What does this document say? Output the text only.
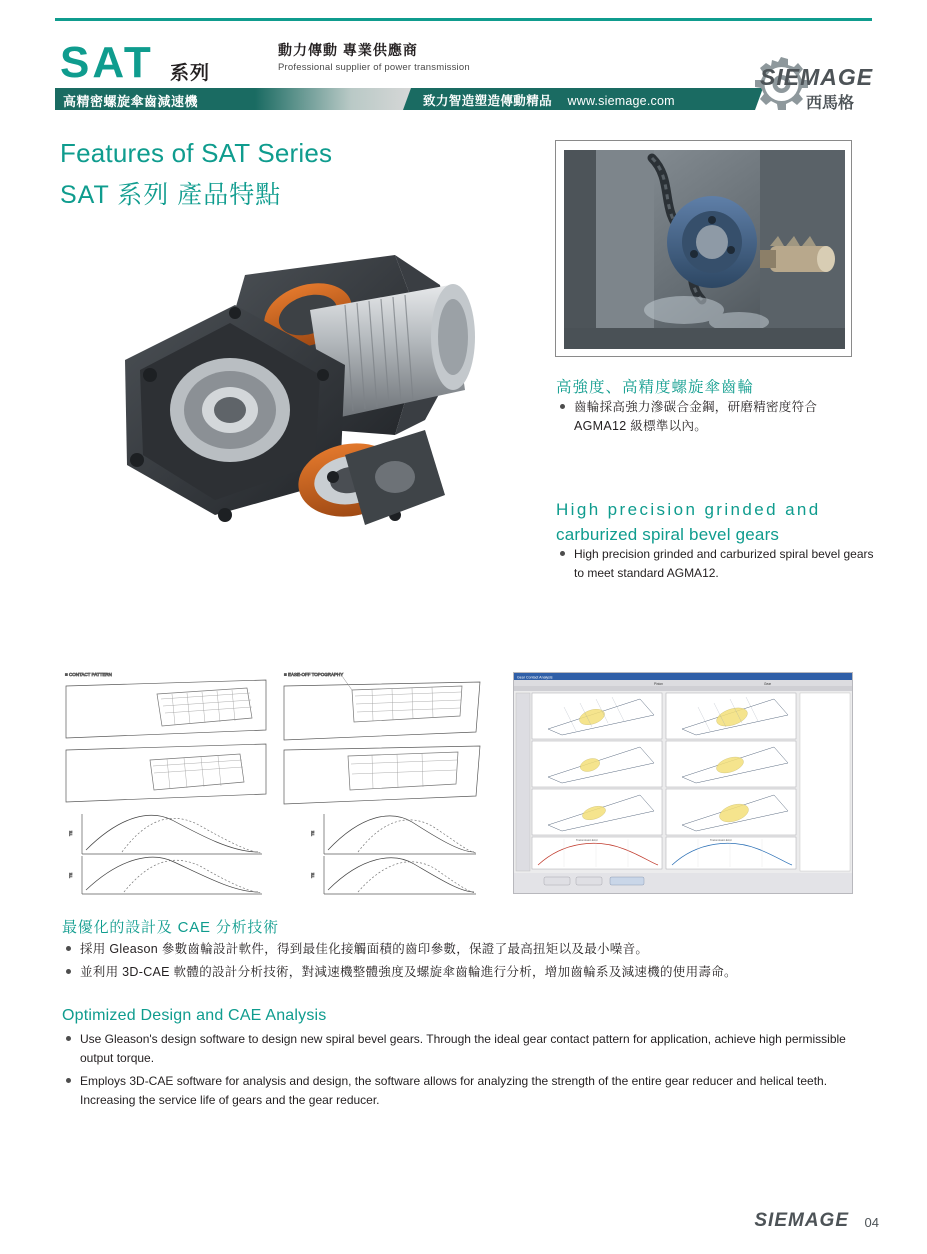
SAT 系列
動力傳動 專業供應商
Professional supplier of power transmission
高精密螺旋傘齒減速機	致力智造塑造傳動精品 www.siemage.com
SIEMAGE
西馬格
Features of SAT Series
SAT 系列 產品特點
高強度、高精度螺旋傘齒輪
齒輪採高強力滲碳合金鋼，研磨精密度符合 AGMA12 級標準以內。
High precision grinded and
carburized spiral bevel gears
High precision grinded and carburized spiral bevel gears to meet standard AGMA12.
■ CONTACT PATTERN	■ EASE-OFF TOPOGRAPHY
TE	TE
TE	TE
Gear Contact Analysis
Pinion	Gear
Transmission Error	Transmission Error
最優化的設計及 CAE 分析技術
採用 Gleason 參數齒輪設計軟件，得到最佳化接觸面積的齒印參數，保證了最高扭矩以及最小噪音。
並利用 3D-CAE 軟體的設計分析技術，對減速機整體強度及螺旋傘齒輪進行分析，增加齒輪系及減速機的使用壽命。
Optimized Design and CAE Analysis
Use Gleason's design software to design new spiral bevel gears. Through the ideal gear contact pattern for application, achieve high permissible output torque.
Employs 3D-CAE software for analysis and design, the software allows for analyzing the strength of the entire gear reducer and helical teeth. Increasing the service life of gears and the gear reducer.
SIEMAGE 04
